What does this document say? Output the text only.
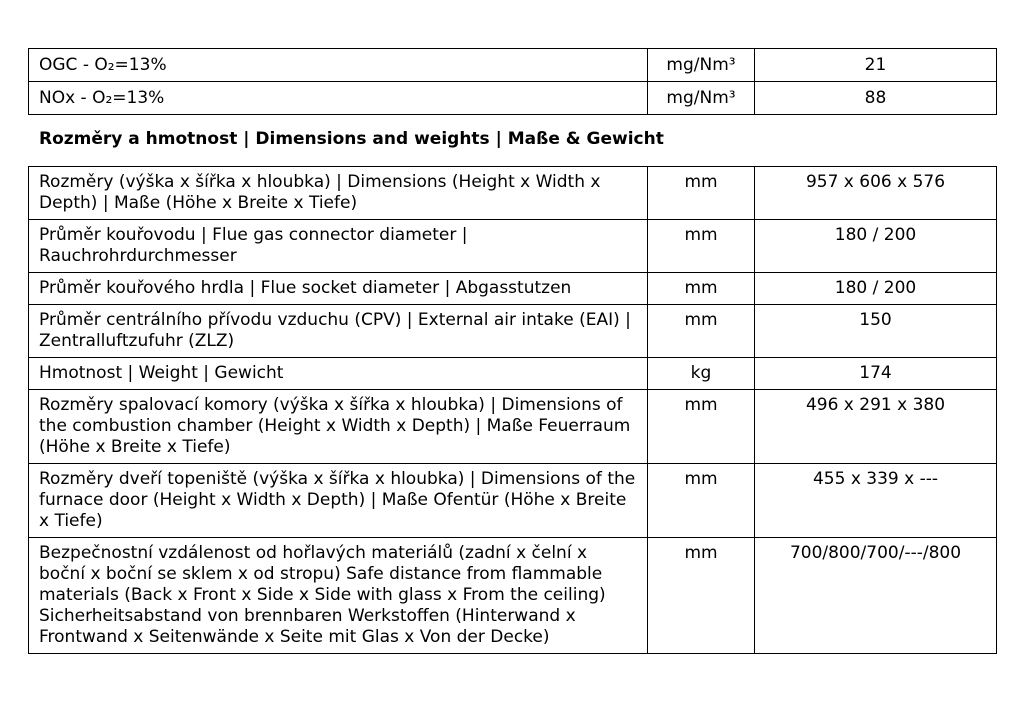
OGC - O₂=13%	mg/Nm³	21
NOx - O₂=13%	mg/Nm³	88
Rozměry a hmotnost | Dimensions and weights | Maße & Gewicht
Rozměry (výška x šířka x hloubka) | Dimensions (Height x Width x Depth) | Maße (Höhe x Breite x Tiefe)	mm	957 x 606 x 576
Průměr kouřovodu | Flue gas connector diameter | Rauchrohrdurchmesser	mm	180 / 200
Průměr kouřového hrdla | Flue socket diameter | Abgasstutzen	mm	180 / 200
Průměr centrálního přívodu vzduchu (CPV) | External air intake (EAI) | Zentralluftzufuhr (ZLZ)	mm	150
Hmotnost | Weight | Gewicht	kg	174
Rozměry spalovací komory (výška x šířka x hloubka) | Dimensions of the combustion chamber (Height x Width x Depth) | Maße Feuerraum (Höhe x Breite x Tiefe)	mm	496 x 291 x 380
Rozměry dveří topeniště (výška x šířka x hloubka) | Dimensions of the furnace door (Height x Width x Depth) | Maße Ofentür (Höhe x Breite x Tiefe)	mm	455 x 339 x ---
Bezpečnostní vzdálenost od hořlavých materiálů (zadní x čelní x boční x boční se sklem x od stropu) Safe distance from flammable materials (Back x Front x Side x Side with glass x From the ceiling) Sicherheitsabstand von brennbaren Werkstoffen (Hinterwand x Frontwand x Seitenwände x Seite mit Glas x Von der Decke)	mm	700/800/700/---/800
